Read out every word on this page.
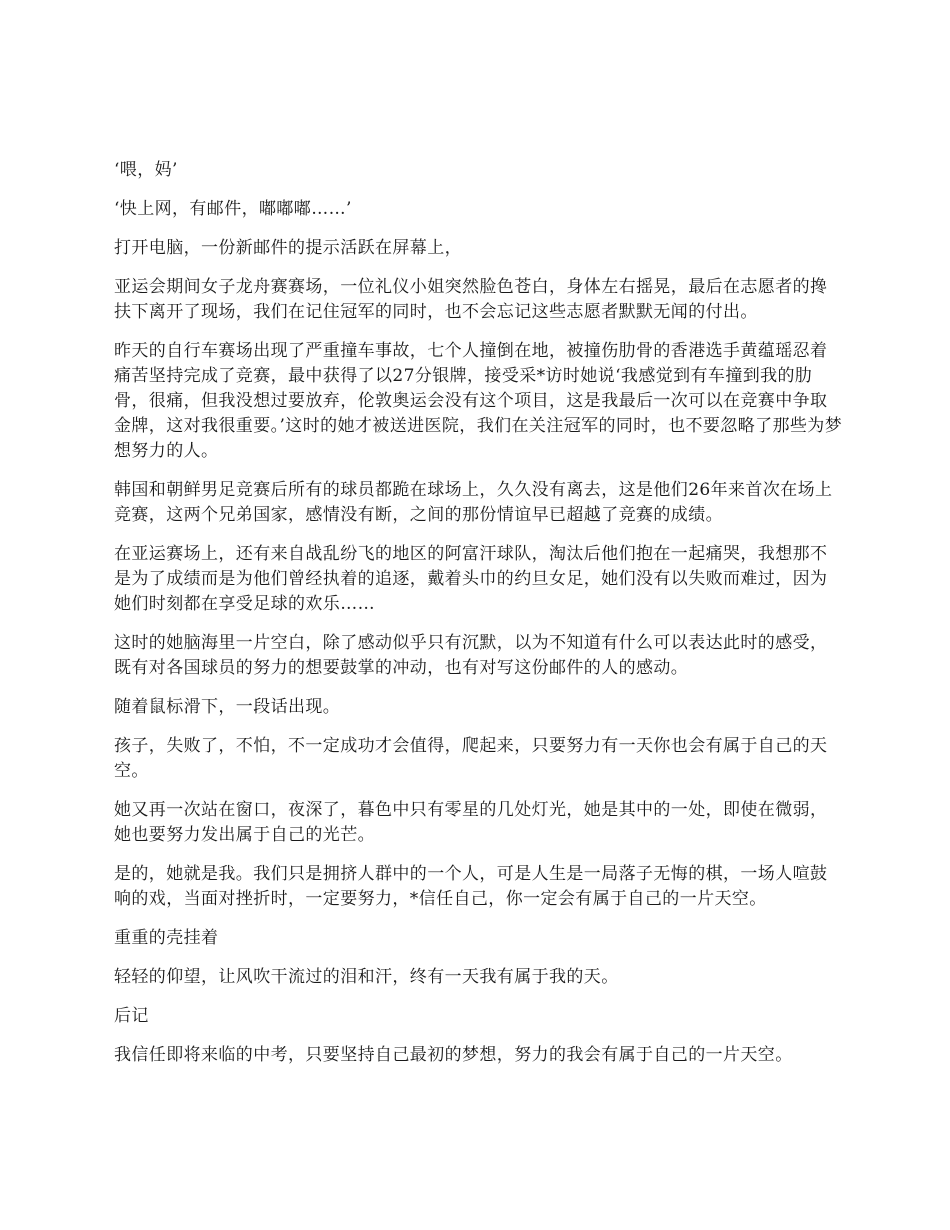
‘喂，妈’

‘快上网，有邮件，嘟嘟嘟……’

打开电脑，一份新邮件的提示活跃在屏幕上，

亚运会期间女子龙舟赛赛场，一位礼仪小姐突然脸色苍白，身体左右摇晃，最后在志愿者的搀扶下离开了现场，我们在记住冠军的同时，也不会忘记这些志愿者默默无闻的付出。

昨天的自行车赛场出现了严重撞车事故，七个人撞倒在地，被撞伤肋骨的香港选手黄蕴瑶忍着痛苦坚持完成了竞赛，最中获得了以27分银牌，接受采*访时她说‘我感觉到有车撞到我的肋骨，很痛，但我没想过要放弃，伦敦奥运会没有这个项目，这是我最后一次可以在竞赛中争取金牌，这对我很重要。’这时的她才被送进医院，我们在关注冠军的同时，也不要忽略了那些为梦想努力的人。

韩国和朝鲜男足竞赛后所有的球员都跪在球场上，久久没有离去，这是他们26年来首次在场上竞赛，这两个兄弟国家，感情没有断，之间的那份情谊早已超越了竞赛的成绩。

在亚运赛场上，还有来自战乱纷飞的地区的阿富汗球队，淘汰后他们抱在一起痛哭，我想那不是为了成绩而是为他们曾经执着的追逐，戴着头巾的约旦女足，她们没有以失败而难过，因为她们时刻都在享受足球的欢乐……

这时的她脑海里一片空白，除了感动似乎只有沉默，以为不知道有什么可以表达此时的感受，既有对各国球员的努力的想要鼓掌的冲动，也有对写这份邮件的人的感动。

随着鼠标滑下，一段话出现。

孩子，失败了，不怕，不一定成功才会值得，爬起来，只要努力有一天你也会有属于自己的天空。

她又再一次站在窗口，夜深了，暮色中只有零星的几处灯光，她是其中的一处，即使在微弱，她也要努力发出属于自己的光芒。

是的，她就是我。我们只是拥挤人群中的一个人，可是人生是一局落子无悔的棋，一场人喧鼓响的戏，当面对挫折时，一定要努力，*信任自己，你一定会有属于自己的一片天空。

重重的壳挂着

轻轻的仰望，让风吹干流过的泪和汗，终有一天我有属于我的天。

后记

我信任即将来临的中考，只要坚持自己最初的梦想，努力的我会有属于自己的一片天空。
